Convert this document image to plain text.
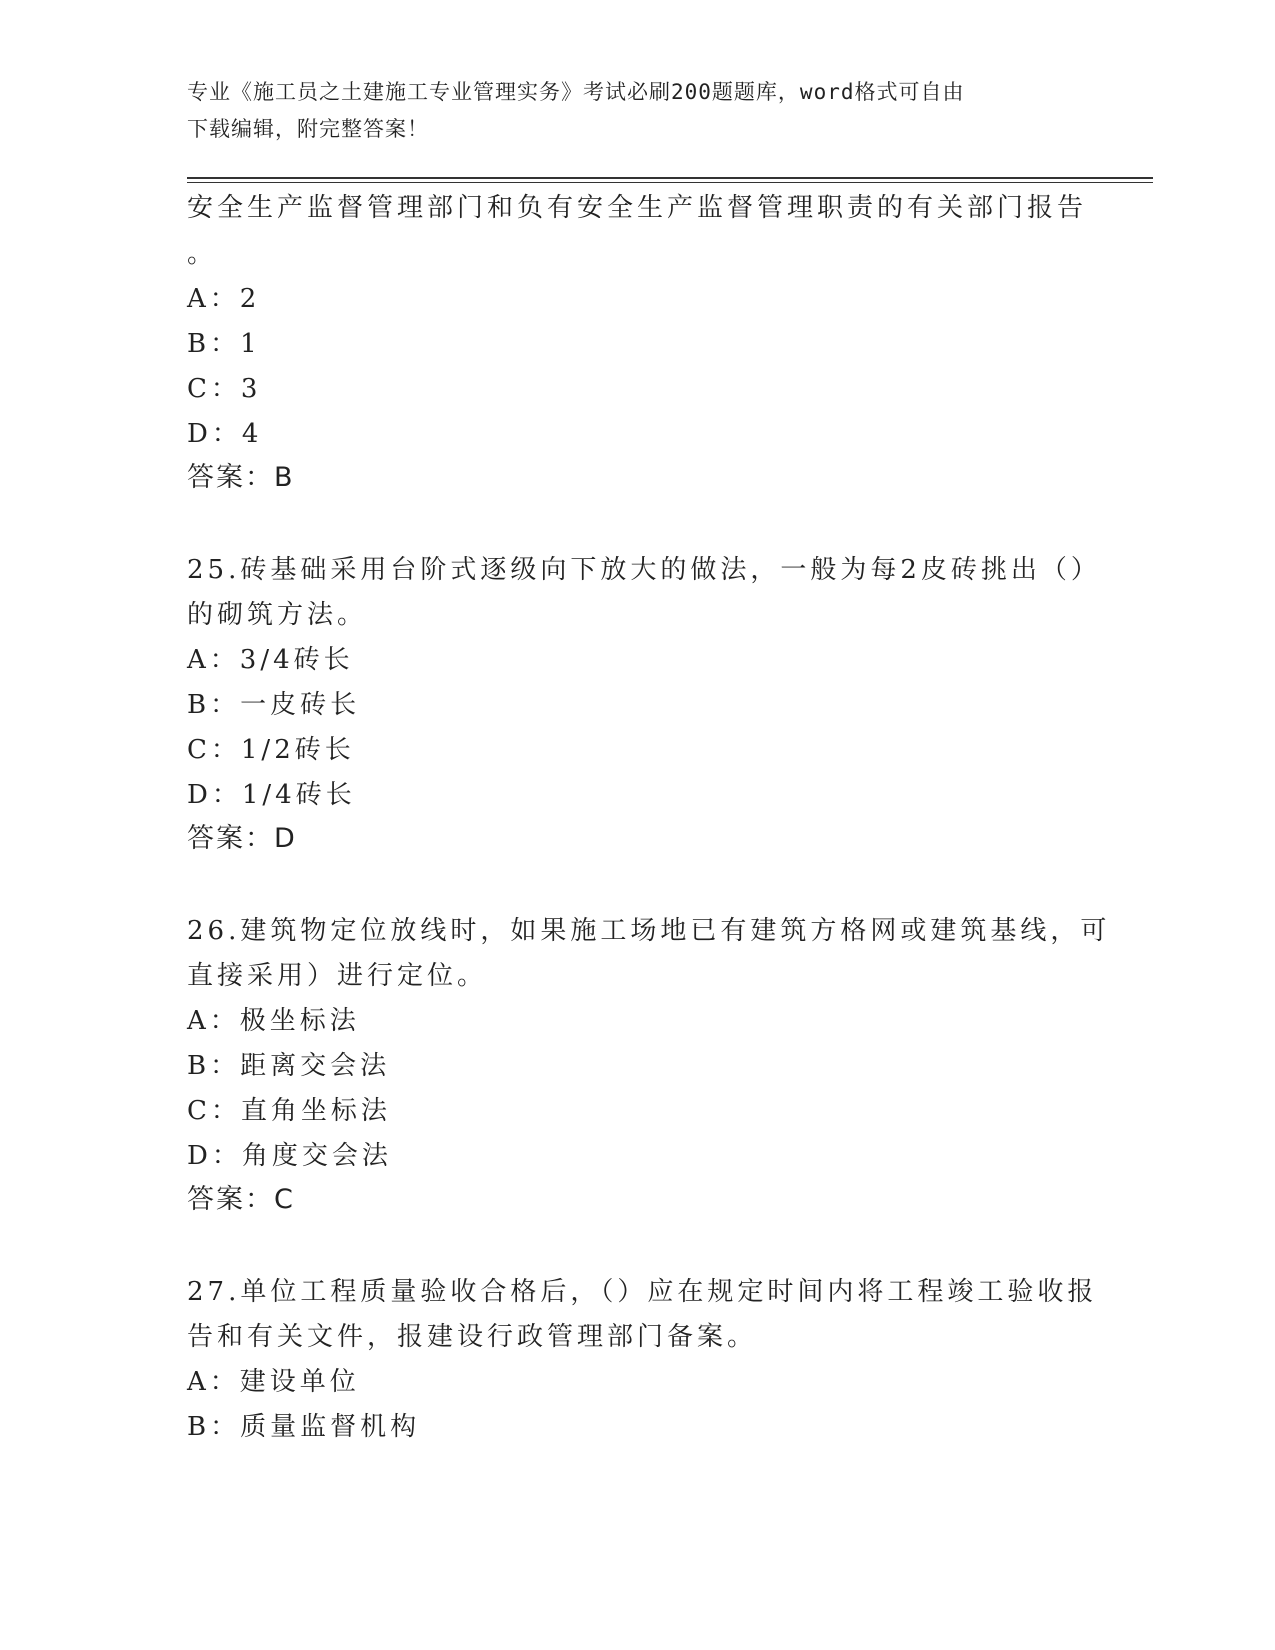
专业《施工员之土建施工专业管理实务》考试必刷200题题库，word格式可自由
下载编辑，附完整答案！
安全生产监督管理部门和负有安全生产监督管理职责的有关部门报告
。
A：2
B：1
C：3
D：4
答案：B
25.砖基础采用台阶式逐级向下放大的做法，一般为每2皮砖挑出（）
的砌筑方法。
A：3/4砖长
B：一皮砖长
C：1/2砖长
D：1/4砖长
答案：D
26.建筑物定位放线时，如果施工场地已有建筑方格网或建筑基线，可
直接采用）进行定位。
A：极坐标法
B：距离交会法
C：直角坐标法
D：角度交会法
答案：C
27.单位工程质量验收合格后，（）应在规定时间内将工程竣工验收报
告和有关文件，报建设行政管理部门备案。
A：建设单位
B：质量监督机构
